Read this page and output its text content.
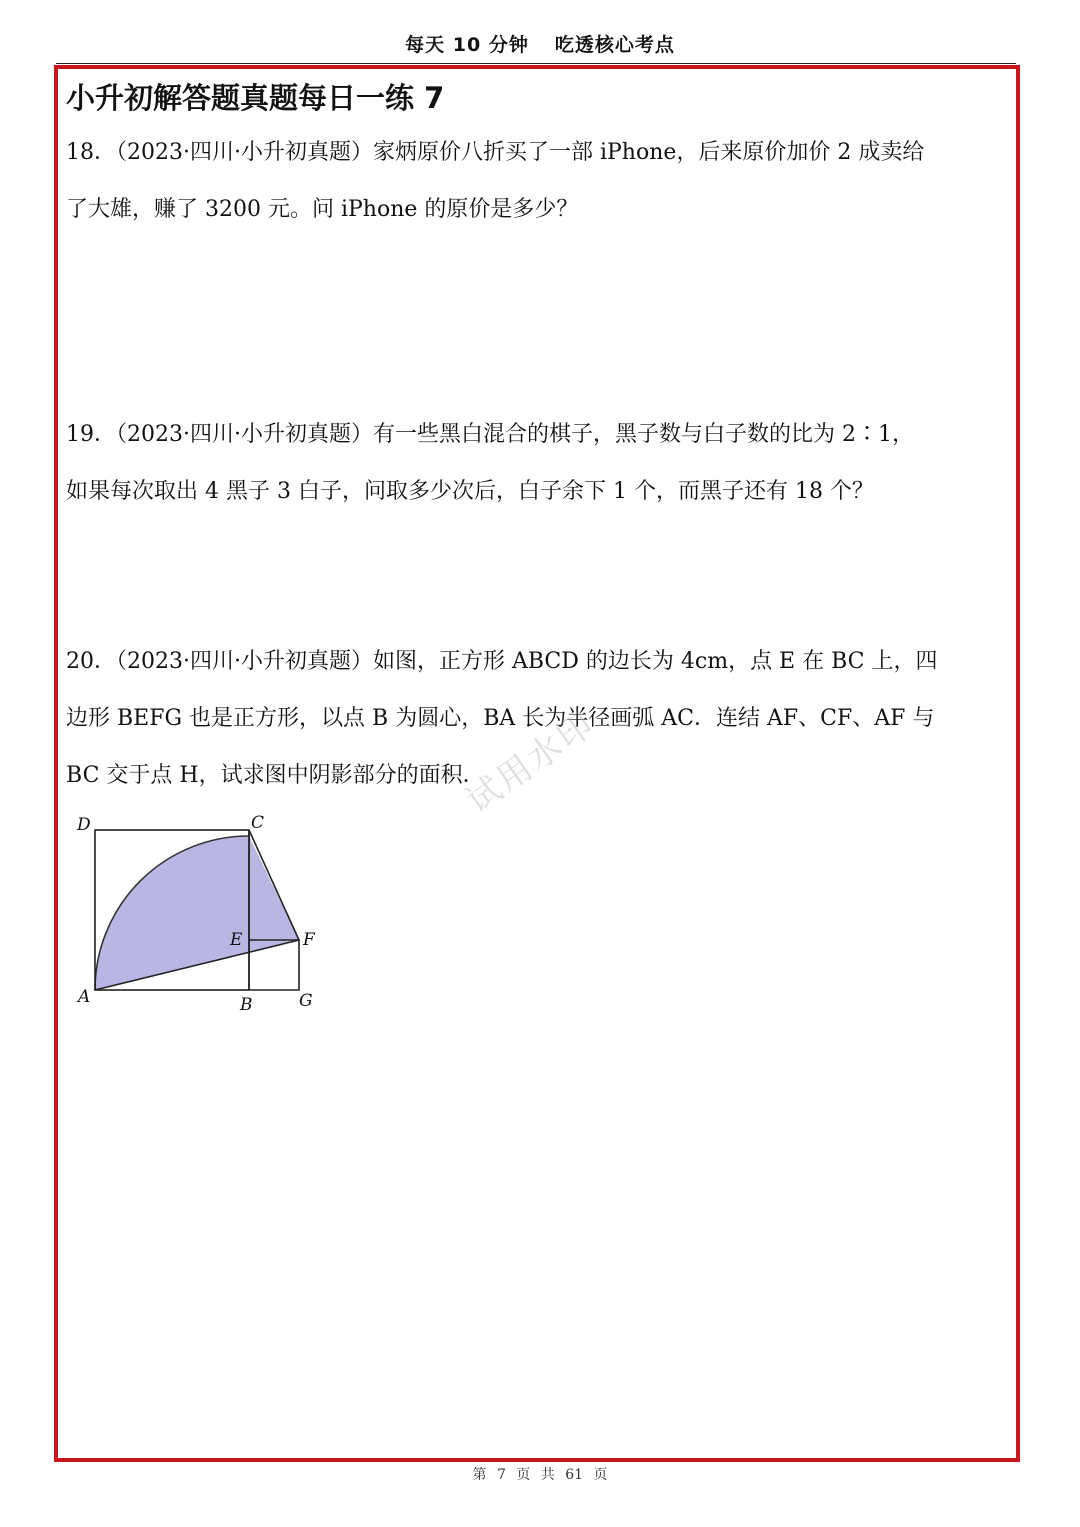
每天 10 分钟 吃透核心考点
小升初解答题真题每日一练 7
18．（2023·四川·小升初真题）家炳原价八折买了一部 iPhone，后来原价加价 2 成卖给
了大雄，赚了 3200 元。问 iPhone 的原价是多少？
19．（2023·四川·小升初真题）有一些黑白混合的棋子，黑子数与白子数的比为 2∶1，
如果每次取出 4 黑子 3 白子，问取多少次后，白子余下 1 个，而黑子还有 18 个？
20．（2023·四川·小升初真题）如图，正方形 ABCD 的边长为 4cm，点 E 在 BC 上，四
边形 BEFG 也是正方形，以点 B 为圆心，BA 长为半径画弧 AC．连结 AF、CF、AF 与
BC 交于点 H，试求图中阴影部分的面积．
试用水印
D	C
E	F
A	B	G
第 7 页 共 61 页
